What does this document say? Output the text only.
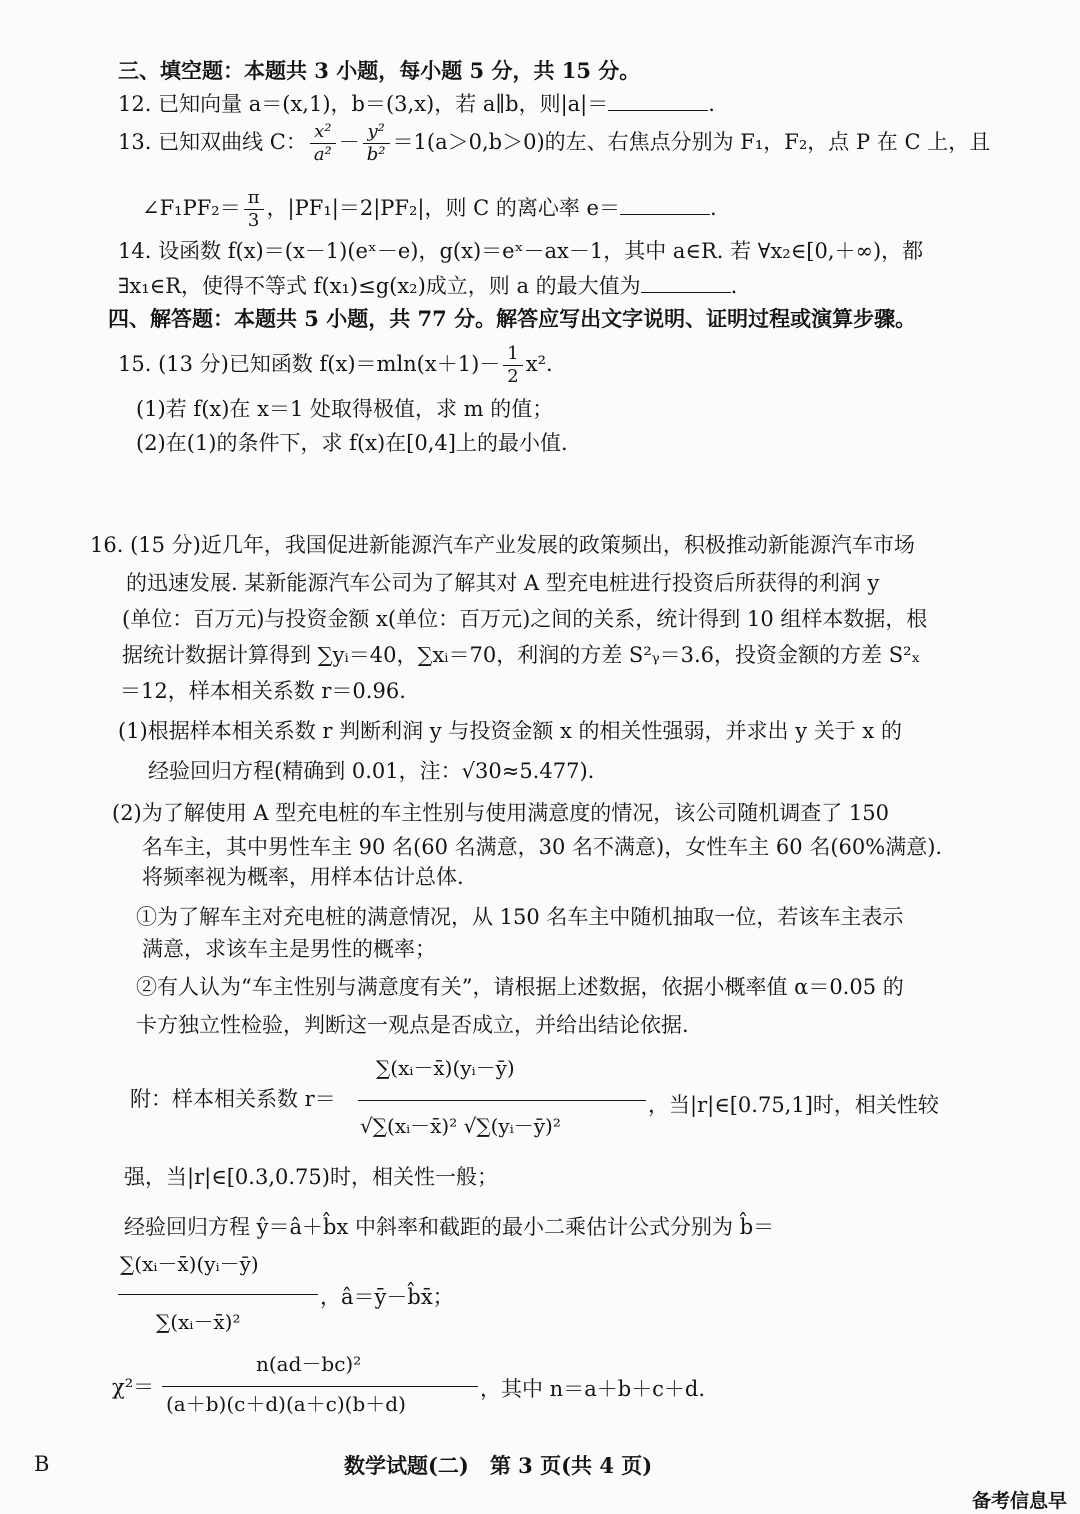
三、填空题：本题共 3 小题，每小题 5 分，共 15 分。
12. 已知向量 a＝(x,1)，b＝(3,x)，若 a∥b，则|a|＝	.
13. 已知双曲线 C： $\frac{\text{x²}}{\text{a²}} - \frac{\text{y²}}{\text{b²}} =1(a>0,b>0)$的左、右焦点分别为 F₁，F₂，点 P 在 C 上，且
∠F₁PF₂＝ $\frac{\pi}{3}$ ，|PF₁|＝2|PF₂|，则 C 的离心率 e＝	.
14. 设函数 f(x)＝(x－1)(eˣ－e)，g(x)＝eˣ－ax－1，其中 a∈R. 若 ∀x₂∈[0,＋∞)，都
∃x₁∈R，使得不等式 f(x₁)≤g(x₂)成立，则 a 的最大值为	.
四、解答题：本题共 5 小题，共 77 分。解答应写出文字说明、证明过程或演算步骤。
15. (13 分)已知函数 $f(x)=mln(x+1)- \frac{1}{2} x^2$.
(1)若 f(x)在 x＝1 处取得极值，求 m 的值；
(2)在(1)的条件下，求 f(x)在[0,4]上的最小值.
16. (15 分)近几年，我国促进新能源汽车产业发展的政策频出，积极推动新能源汽车市场
的迅速发展. 某新能源汽车公司为了解其对 A 型充电桩进行投资后所获得的利润 y
(单位：百万元)与投资金额 x(单位：百万元)之间的关系，统计得到 10 组样本数据，根
据统计数据计算得到 ∑yᵢ＝40，∑xᵢ＝70，利润的方差 S²ᵧ＝3.6，投资金额的方差 S²ₓ
＝12，样本相关系数 r＝0.96.
(1)根据样本相关系数 r 判断利润 y 与投资金额 x 的相关性强弱，并求出 y 关于 x 的
经验回归方程(精确到 0.01，注：√30≈5.477).
(2)为了解使用 A 型充电桩的车主性别与使用满意度的情况，该公司随机调查了 150
名车主，其中男性车主 90 名(60 名满意，30 名不满意)，女性车主 60 名(60%满意).
将频率视为概率，用样本估计总体.
①为了解车主对充电桩的满意情况，从 150 名车主中随机抽取一位，若该车主表示
满意，求该车主是男性的概率；
②有人认为“车主性别与满意度有关”，请根据上述数据，依据小概率值 α＝0.05 的
卡方独立性检验，判断这一观点是否成立，并给出结论依据.
附：样本相关系数 r＝
∑(xᵢ－x̄)(yᵢ－ȳ)
√∑(xᵢ－x̄)² √∑(yᵢ－ȳ)²
，当|r|∈[0.75,1]时，相关性较
强，当|r|∈[0.3,0.75)时，相关性一般；
经验回归方程 ŷ＝â＋b̂x 中斜率和截距的最小二乘估计公式分别为 b̂＝
∑(xᵢ－x̄)(yᵢ－ȳ)
∑(xᵢ－x̄)²
，â＝ȳ－b̂x̄；
χ²＝
n(ad－bc)²
(a＋b)(c＋d)(a＋c)(b＋d)
，其中 n＝a＋b＋c＋d.
B	数学试题(二)　第 3 页(共 4 页)
备考信息早
